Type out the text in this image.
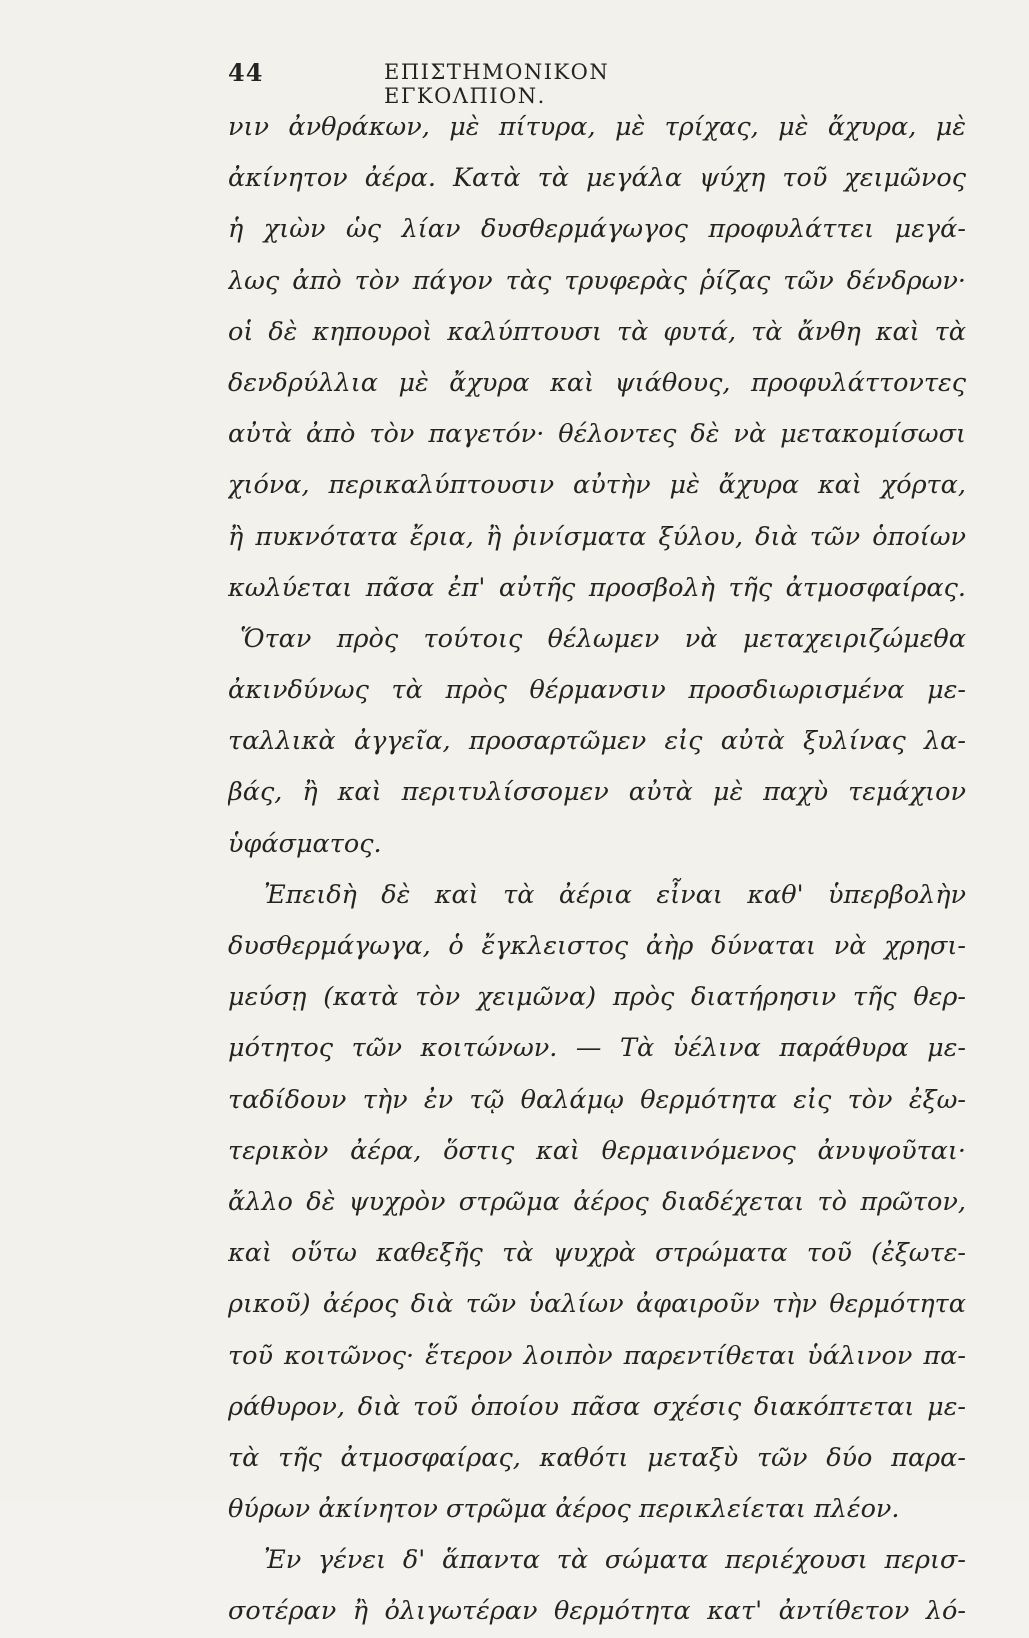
44	ΕΠΙΣΤΗΜΟΝΙΚΟΝ ΕΓΚΟΛΠΙΟΝ.
νιν ἀνθράκων, μὲ πίτυρα, μὲ τρίχας, μὲ ἄχυρα, μὲ
ἀκίνητον ἀέρα. Κατὰ τὰ μεγάλα ψύχη τοῦ χειμῶνος
ἡ χιὼν ὡς λίαν δυσθερμάγωγος προφυλάττει μεγά-
λως ἀπὸ τὸν πάγον τὰς τρυφερὰς ῥίζας τῶν δένδρων·
οἱ δὲ κηπουροὶ καλύπτουσι τὰ φυτά, τὰ ἄνθη καὶ τὰ
δενδρύλλια μὲ ἄχυρα καὶ ψιάθους, προφυλάττοντες
αὐτὰ ἀπὸ τὸν παγετόν· θέλοντες δὲ νὰ μετακομίσωσι
χιόνα, περικαλύπτουσιν αὐτὴν μὲ ἄχυρα καὶ χόρτα,
ἢ πυκνότατα ἔρια, ἢ ῥινίσματα ξύλου, διὰ τῶν ὁποίων
κωλύεται πᾶσα ἐπ' αὐτῆς προσβολὴ τῆς ἀτμοσφαίρας.
Ὅταν πρὸς τούτοις θέλωμεν νὰ μεταχειριζώμεθα
ἀκινδύνως τὰ πρὸς θέρμανσιν προσδιωρισμένα με-
ταλλικὰ ἀγγεῖα, προσαρτῶμεν εἰς αὐτὰ ξυλίνας λα-
βάς, ἢ καὶ περιτυλίσσομεν αὐτὰ μὲ παχὺ τεμάχιον
ὑφάσματος.
Ἐπειδὴ δὲ καὶ τὰ ἀέρια εἶναι καθ' ὑπερβολὴν
δυσθερμάγωγα, ὁ ἔγκλειστος ἀὴρ δύναται νὰ χρησι-
μεύσῃ (κατὰ τὸν χειμῶνα) πρὸς διατήρησιν τῆς θερ-
μότητος τῶν κοιτώνων. — Τὰ ὑέλινα παράθυρα με-
ταδίδουν τὴν ἐν τῷ θαλάμῳ θερμότητα εἰς τὸν ἐξω-
τερικὸν ἀέρα, ὅστις καὶ θερμαινόμενος ἀνυψοῦται·
ἄλλο δὲ ψυχρὸν στρῶμα ἀέρος διαδέχεται τὸ πρῶτον,
καὶ οὕτω καθεξῆς τὰ ψυχρὰ στρώματα τοῦ (ἐξωτε-
ρικοῦ) ἀέρος διὰ τῶν ὑαλίων ἀφαιροῦν τὴν θερμότητα
τοῦ κοιτῶνος· ἕτερον λοιπὸν παρεντίθεται ὑάλινον πα-
ράθυρον, διὰ τοῦ ὁποίου πᾶσα σχέσις διακόπτεται με-
τὰ τῆς ἀτμοσφαίρας, καθότι μεταξὺ τῶν δύο παρα-
θύρων ἀκίνητον στρῶμα ἀέρος περικλείεται πλέον.
Ἐν γένει δ' ἅπαντα τὰ σώματα περιέχουσι περισ-
σοτέραν ἢ ὀλιγωτέραν θερμότητα κατ' ἀντίθετον λό-
